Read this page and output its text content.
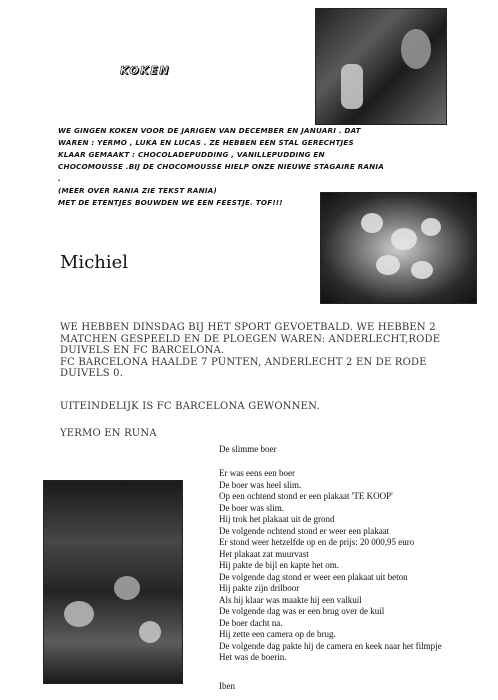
KOKEN
WE GINGEN KOKEN VOOR DE JARIGEN VAN DECEMBER EN JANUARI . DAT
WAREN : YERMO , LUKA EN LUCAS . ZE HEBBEN EEN STAL GERECHTJES
KLAAR GEMAAKT : CHOCOLADEPUDDING , VANILLEPUDDING EN
CHOCOMOUSSE .BIJ DE CHOCOMOUSSE HIELP ONZE NIEUWE STAGAIRE RANIA
.
(MEER OVER RANIA ZIE TEKST RANIA)
MET DE ETENTJES BOUWDEN WE EEN FEESTJE. TOF!!!
Michiel
WE HEBBEN DINSDAG BIJ HET SPORT GEVOETBALD. WE HEBBEN 2
MATCHEN GESPEELD EN DE PLOEGEN WAREN: ANDERLECHT,RODE
DUIVELS EN FC BARCELONA.
FC BARCELONA HAALDE 7 PUNTEN, ANDERLECHT 2 EN DE RODE
DUIVELS 0.
UITEINDELIJK IS FC BARCELONA GEWONNEN.
YERMO EN RUNA
De slimme boer
Er was eens een boer
De boer was heel slim.
Op een ochtend stond er een plakaat 'TE KOOP'
De boer was slim.
Hij trok het plakaat uit de grond
De volgende ochtend stond er weer een plakaat
Er stond weer hetzelfde op en de prijs: 20 000,95 euro
Het plakaat zat muurvast
Hij pakte de bijl en kapte het om.
De volgende dag stond er weer een plakaat uit beton
Hij pakte zijn drilboor
Als hij klaar was maakte hij een valkuil
De volgende dag was er een brug over de kuil
De boer dacht na.
Hij zette een camera op de brug.
De volgende dag pakte hij de camera en keek naar het filmpje
Het was de boerin.
Iben
